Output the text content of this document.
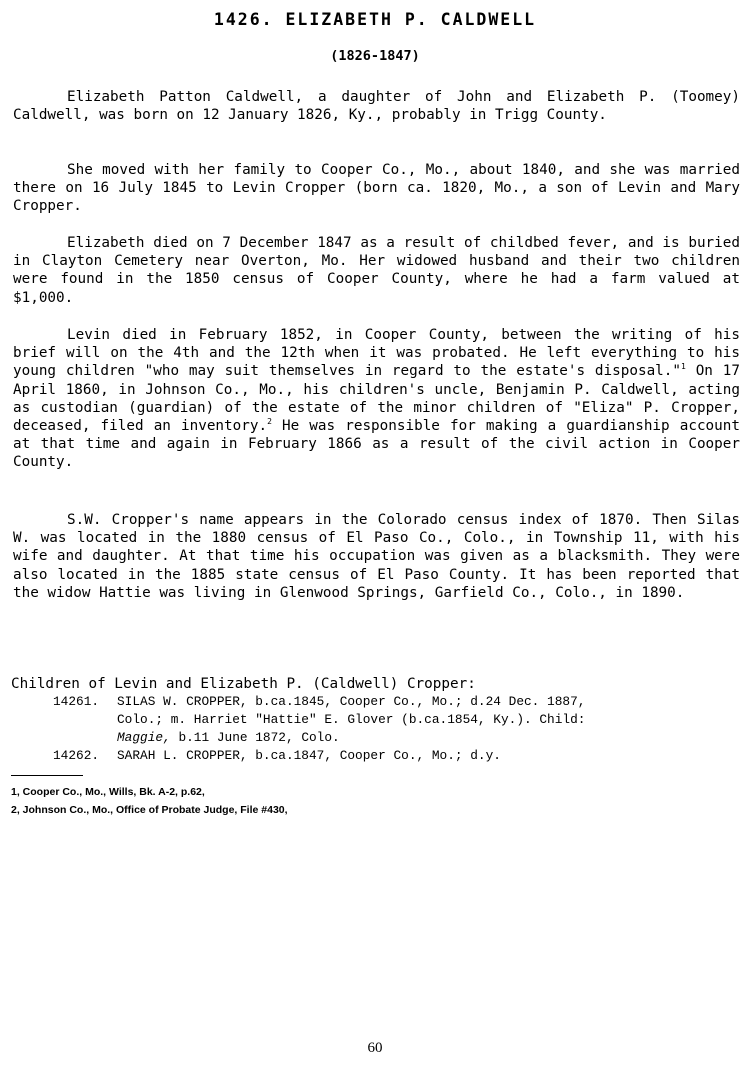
1426. ELIZABETH P. CALDWELL
(1826-1847)

Elizabeth Patton Caldwell, a daughter of John and Elizabeth P. (Toomey) Caldwell, was born on 12 January 1826, Ky., probably in Trigg County.

She moved with her family to Cooper Co., Mo., about 1840, and she was married there on 16 July 1845 to Levin Cropper (born ca. 1820, Mo., a son of Levin and Mary Cropper.

Elizabeth died on 7 December 1847 as a result of childbed fever, and is buried in Clayton Cemetery near Overton, Mo. Her widowed husband and their two children were found in the 1850 census of Cooper County, where he had a farm valued at $1,000.

Levin died in February 1852, in Cooper County, between the writing of his brief will on the 4th and the 12th when it was probated. He left everything to his young children "who may suit themselves in regard to the estate's disposal."$^1$ On 17 April 1860, in Johnson Co., Mo., his children's uncle, Benjamin P. Caldwell, acting as custodian (guardian) of the estate of the minor children of "Eliza" P. Cropper, deceased, filed an inventory.$^2$ He was responsible for making a guardianship account at that time and again in February 1866 as a result of the civil action in Cooper County.

S.W. Cropper's name appears in the Colorado census index of 1870. Then Silas W. was located in the 1880 census of El Paso Co., Colo., in Township 11, with his wife and daughter. At that time his occupation was given as a blacksmith. They were also located in the 1885 state census of El Paso County. It has been reported that the widow Hattie was living in Glenwood Springs, Garfield Co., Colo., in 1890.

Children of Levin and Elizabeth P. (Caldwell) Cropper:

14261. SILAS W. CROPPER, b.ca.1845, Cooper Co., Mo.; d.24 Dec. 1887,
Colo.; m. Harriet "Hattie" E. Glover (b.ca.1854, Ky.). Child:
Maggie, b.11 June 1872, Colo.
14262. SARAH L. CROPPER, b.ca.1847, Cooper Co., Mo.; d.y.

1, Cooper Co., Mo., Wills, Bk. A-2, p.62,

2, Johnson Co., Mo., Office of Probate Judge, File #430,

60
